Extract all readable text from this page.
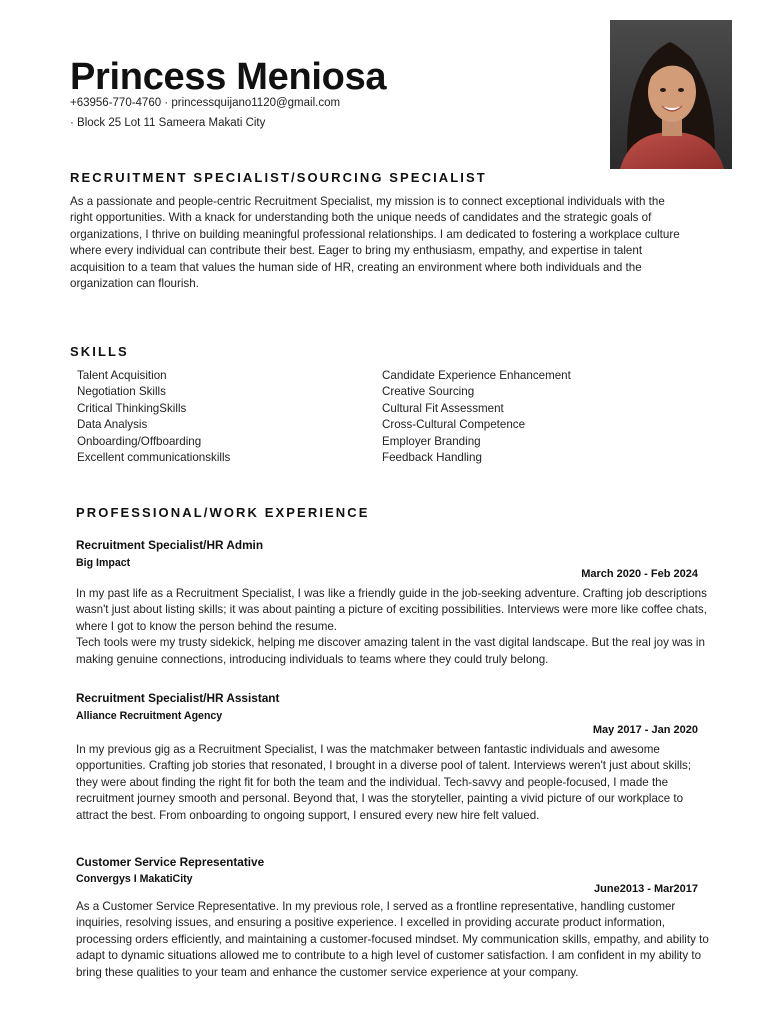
Princess Meniosa
+63956-770-4760 · princessquijano1120@gmail.com
· Block 25 Lot 11 Sameera Makati City
RECRUITMENT SPECIALIST/SOURCING SPECIALIST

As a passionate and people-centric Recruitment Specialist, my mission is to connect exceptional individuals with the right opportunities. With a knack for understanding both the unique needs of candidates and the strategic goals of organizations, I thrive on building meaningful professional relationships. I am dedicated to fostering a workplace culture where every individual can contribute their best. Eager to bring my enthusiasm, empathy, and expertise in talent acquisition to a team that values the human side of HR, creating an environment where both individuals and the organization can flourish.

SKILLS
Talent Acquisition	Candidate Experience Enhancement
Negotiation Skills	Creative Sourcing
Critical ThinkingSkills	Cultural Fit Assessment
Data Analysis	Cross-Cultural Competence
Onboarding/Offboarding	Employer Branding
Excellent communicationskills	Feedback Handling
PROFESSIONAL/WORK EXPERIENCE
Recruitment Specialist/HR Admin
Big Impact
March 2020 - Feb 2024

In my past life as a Recruitment Specialist, I was like a friendly guide in the job-seeking adventure. Crafting job descriptions wasn't just about listing skills; it was about painting a picture of exciting possibilities. Interviews were more like coffee chats, where I got to know the person behind the resume.

Tech tools were my trusty sidekick, helping me discover amazing talent in the vast digital landscape. But the real joy was in making genuine connections, introducing individuals to teams where they could truly belong.

Recruitment Specialist/HR Assistant
Alliance Recruitment Agency
May 2017 - Jan 2020

In my previous gig as a Recruitment Specialist, I was the matchmaker between fantastic individuals and awesome opportunities. Crafting job stories that resonated, I brought in a diverse pool of talent. Interviews weren't just about skills; they were about finding the right fit for both the team and the individual. Tech-savvy and people-focused, I made the recruitment journey smooth and personal. Beyond that, I was the storyteller, painting a vivid picture of our workplace to attract the best. From onboarding to ongoing support, I ensured every new hire felt valued.

Customer Service Representative
Convergys I MakatiCity
June2013 - Mar2017

As a Customer Service Representative. In my previous role, I served as a frontline representative, handling customer inquiries, resolving issues, and ensuring a positive experience. I excelled in providing accurate product information, processing orders efficiently, and maintaining a customer-focused mindset. My communication skills, empathy, and ability to adapt to dynamic situations allowed me to contribute to a high level of customer satisfaction. I am confident in my ability to bring these qualities to your team and enhance the customer service experience at your company.
